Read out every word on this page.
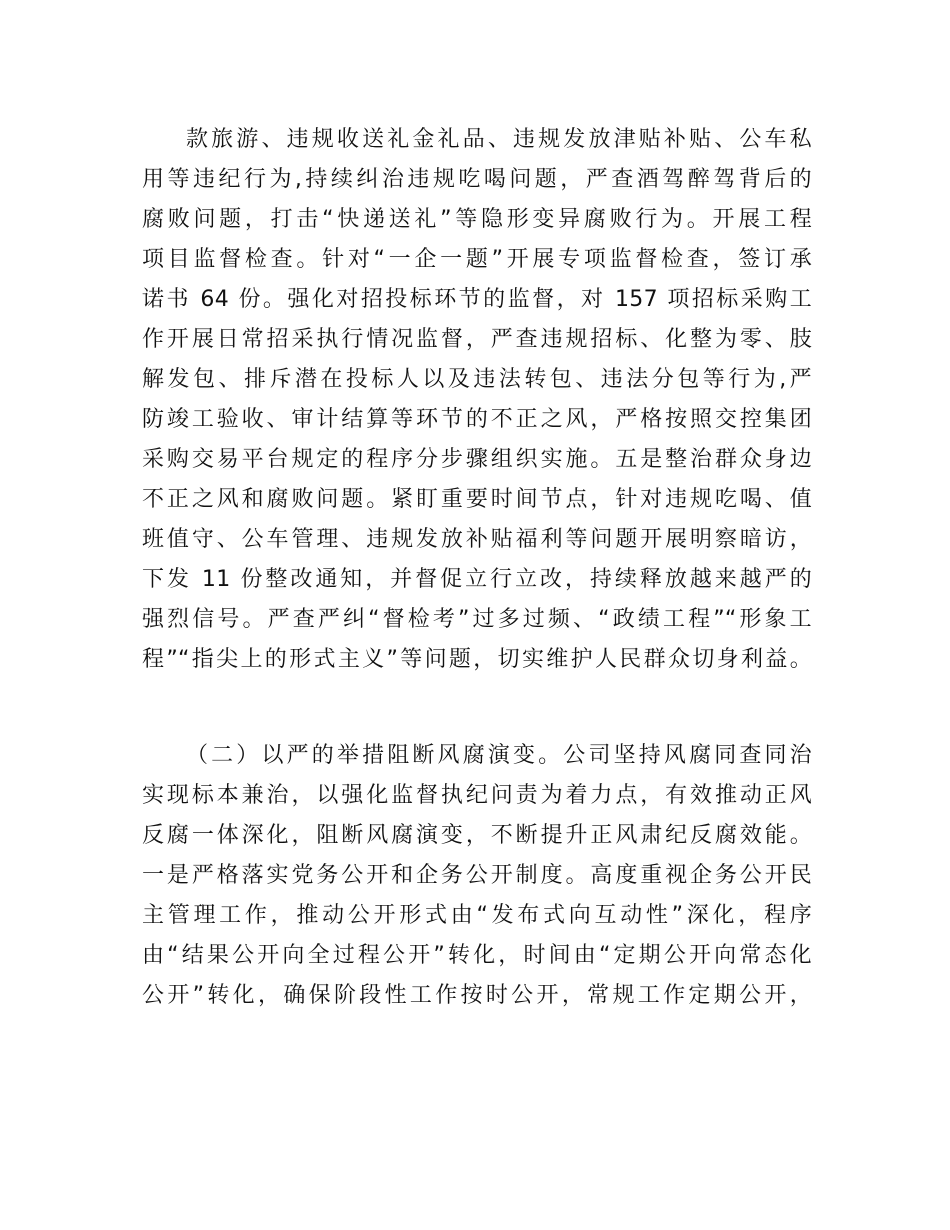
款旅游、违规收送礼金礼品、违规发放津贴补贴、公车私
用等违纪行为,持续纠治违规吃喝问题，严查酒驾醉驾背后的
腐败问题，打击“快递送礼”等隐形变异腐败行为。开展工程
项目监督检查。针对“一企一题”开展专项监督检查，签订承
诺书 64 份。强化对招投标环节的监督，对 157 项招标采购工
作开展日常招采执行情况监督，严查违规招标、化整为零、肢
解发包、排斥潜在投标人以及违法转包、违法分包等行为,严
防竣工验收、审计结算等环节的不正之风，严格按照交控集团
采购交易平台规定的程序分步骤组织实施。五是整治群众身边
不正之风和腐败问题。紧盯重要时间节点，针对违规吃喝、值
班值守、公车管理、违规发放补贴福利等问题开展明察暗访，
下发 11 份整改通知，并督促立行立改，持续释放越来越严的
强烈信号。严查严纠“督检考”过多过频、“政绩工程”“形象工
程”“指尖上的形式主义”等问题，切实维护人民群众切身利益。
（二）以严的举措阻断风腐演变。公司坚持风腐同查同治
实现标本兼治，以强化监督执纪问责为着力点，有效推动正风
反腐一体深化，阻断风腐演变，不断提升正风肃纪反腐效能。
一是严格落实党务公开和企务公开制度。高度重视企务公开民
主管理工作，推动公开形式由“发布式向互动性”深化，程序
由“结果公开向全过程公开”转化，时间由“定期公开向常态化
公开”转化，确保阶段性工作按时公开，常规工作定期公开，
